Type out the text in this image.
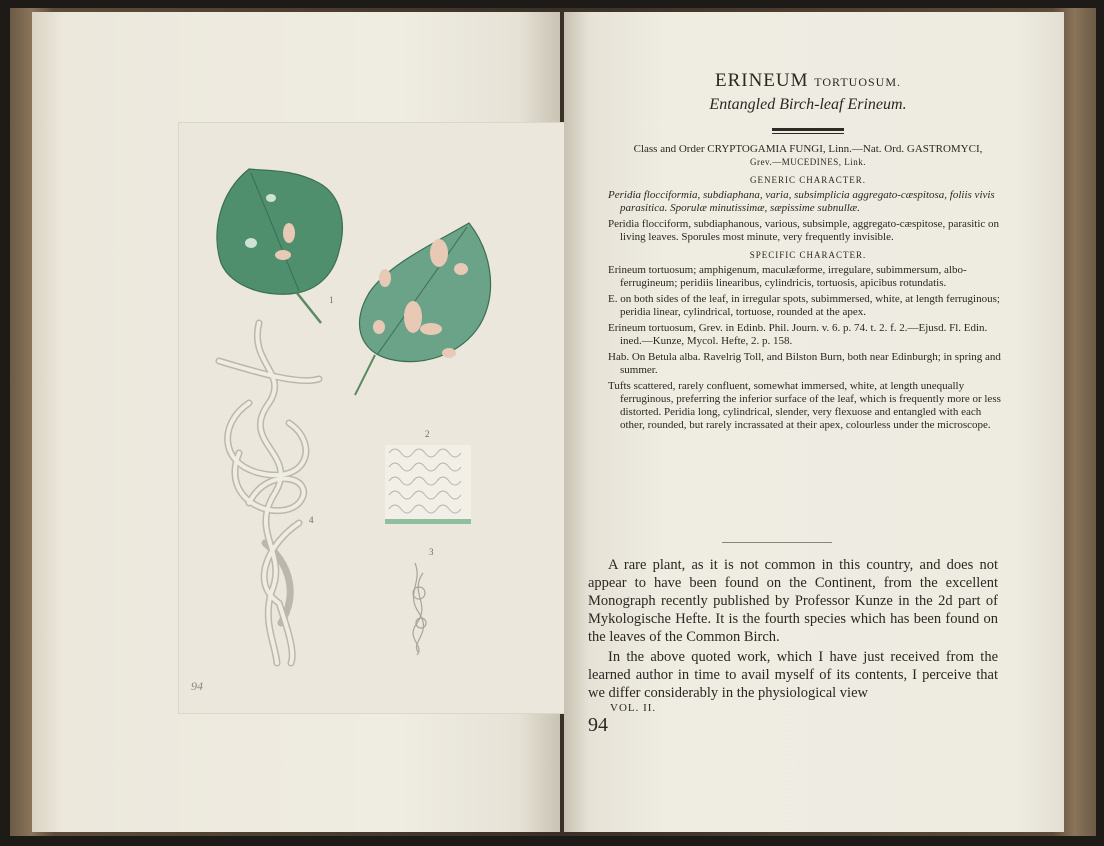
1
2
3
4
94
ERINEUM TORTUOSUM.
Entangled Birch-leaf Erineum.
Class and Order CRYPTOGAMIA FUNGI, Linn.—Nat. Ord. GASTROMYCI,
Grev.—MUCEDINES, Link.
GENERIC CHARACTER.
Peridia flocciformia, subdiaphana, varia, subsimplicia aggregato-cæspitosa, foliis vivis parasitica. Sporulæ minutissimæ, sæpissime subnullæ.
Peridia flocciform, subdiaphanous, various, subsimple, aggregato-cæspitose, parasitic on living leaves. Sporules most minute, very frequently invisible.
SPECIFIC CHARACTER.
Erineum tortuosum; amphigenum, maculæforme, irregulare, subimmersum, albo-ferrugineum; peridiis linearibus, cylindricis, tortuosis, apicibus rotundatis.
E. on both sides of the leaf, in irregular spots, subimmersed, white, at length ferruginous; peridia linear, cylindrical, tortuose, rounded at the apex.
Erineum tortuosum, Grev. in Edinb. Phil. Journ. v. 6. p. 74. t. 2. f. 2.—Ejusd. Fl. Edin. ined.—Kunze, Mycol. Hefte, 2. p. 158.
Hab. On Betula alba. Ravelrig Toll, and Bilston Burn, both near Edinburgh; in spring and summer.
Tufts scattered, rarely confluent, somewhat immersed, white, at length unequally ferruginous, preferring the inferior surface of the leaf, which is frequently more or less distorted. Peridia long, cylindrical, slender, very flexuose and entangled with each other, rounded, but rarely incrassated at their apex, colourless under the microscope.

A rare plant, as it is not common in this country, and does not appear to have been found on the Continent, from the excellent Monograph recently published by Professor Kunze in the 2d part of Mykologische Hefte. It is the fourth species which has been found on the leaves of the Common Birch.

In the above quoted work, which I have just received from the learned author in time to avail myself of its contents, I perceive that we differ considerably in the physiological view

VOL. II.
94
